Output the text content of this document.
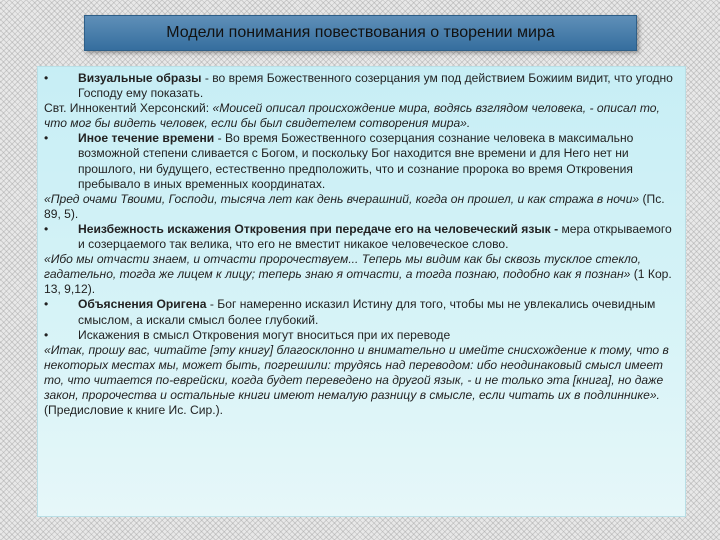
Модели понимания повествования о творении мира

• Визуальные образы - во время Божественного созерцания ум под действием Божиим видит, что угодно Господу ему показать.

Свт. Иннокентий Херсонский: «Моисей описал происхождение мира, водясь взглядом человека, - описал то, что мог бы видеть человек, если бы был свидетелем сотворения мира».

• Иное течение времени - Во время Божественного созерцания сознание человека в максимально возможной степени сливается с Богом, и поскольку Бог находится вне времени и для Него нет ни прошлого, ни будущего, естественно предположить, что и сознание пророка во время Откровения пребывало в иных временных координатах.

«Пред очами Твоими, Господи, тысяча лет как день вчерашний, когда он прошел, и как стража в ночи» (Пс. 89, 5).

• Неизбежность искажения Откровения при передаче его на человеческий язык - мера открываемого и созерцаемого так велика, что его не вместит никакое человеческое слово.

«Ибо мы отчасти знаем, и отчасти пророчествуем... Теперь мы видим как бы сквозь тусклое стекло, гадательно, тогда же лицем к лицу; теперь знаю я отчасти, а тогда познаю, подобно как я познан» (1 Кор. 13, 9,12).

• Объяснения Оригена - Бог намеренно исказил Истину для того, чтобы мы не увлекались очевидным смыслом, а искали смысл более глубокий.

• Искажения в смысл Откровения могут вноситься при их переводе

«Итак, прошу вас, читайте [эту книгу] благосклонно и внимательно и имейте снисхождение к тому, что в некоторых местах мы, может быть, погрешили: трудясь над переводом: ибо неодинаковый смысл имеет то, что читается по-еврейски, когда будет переведено на другой язык, - и не только эта [книга], но даже закон, пророчества и остальные книги имеют немалую разницу в смысле, если читать их в подлиннике».

(Предисловие к книге Ис. Сир.).
